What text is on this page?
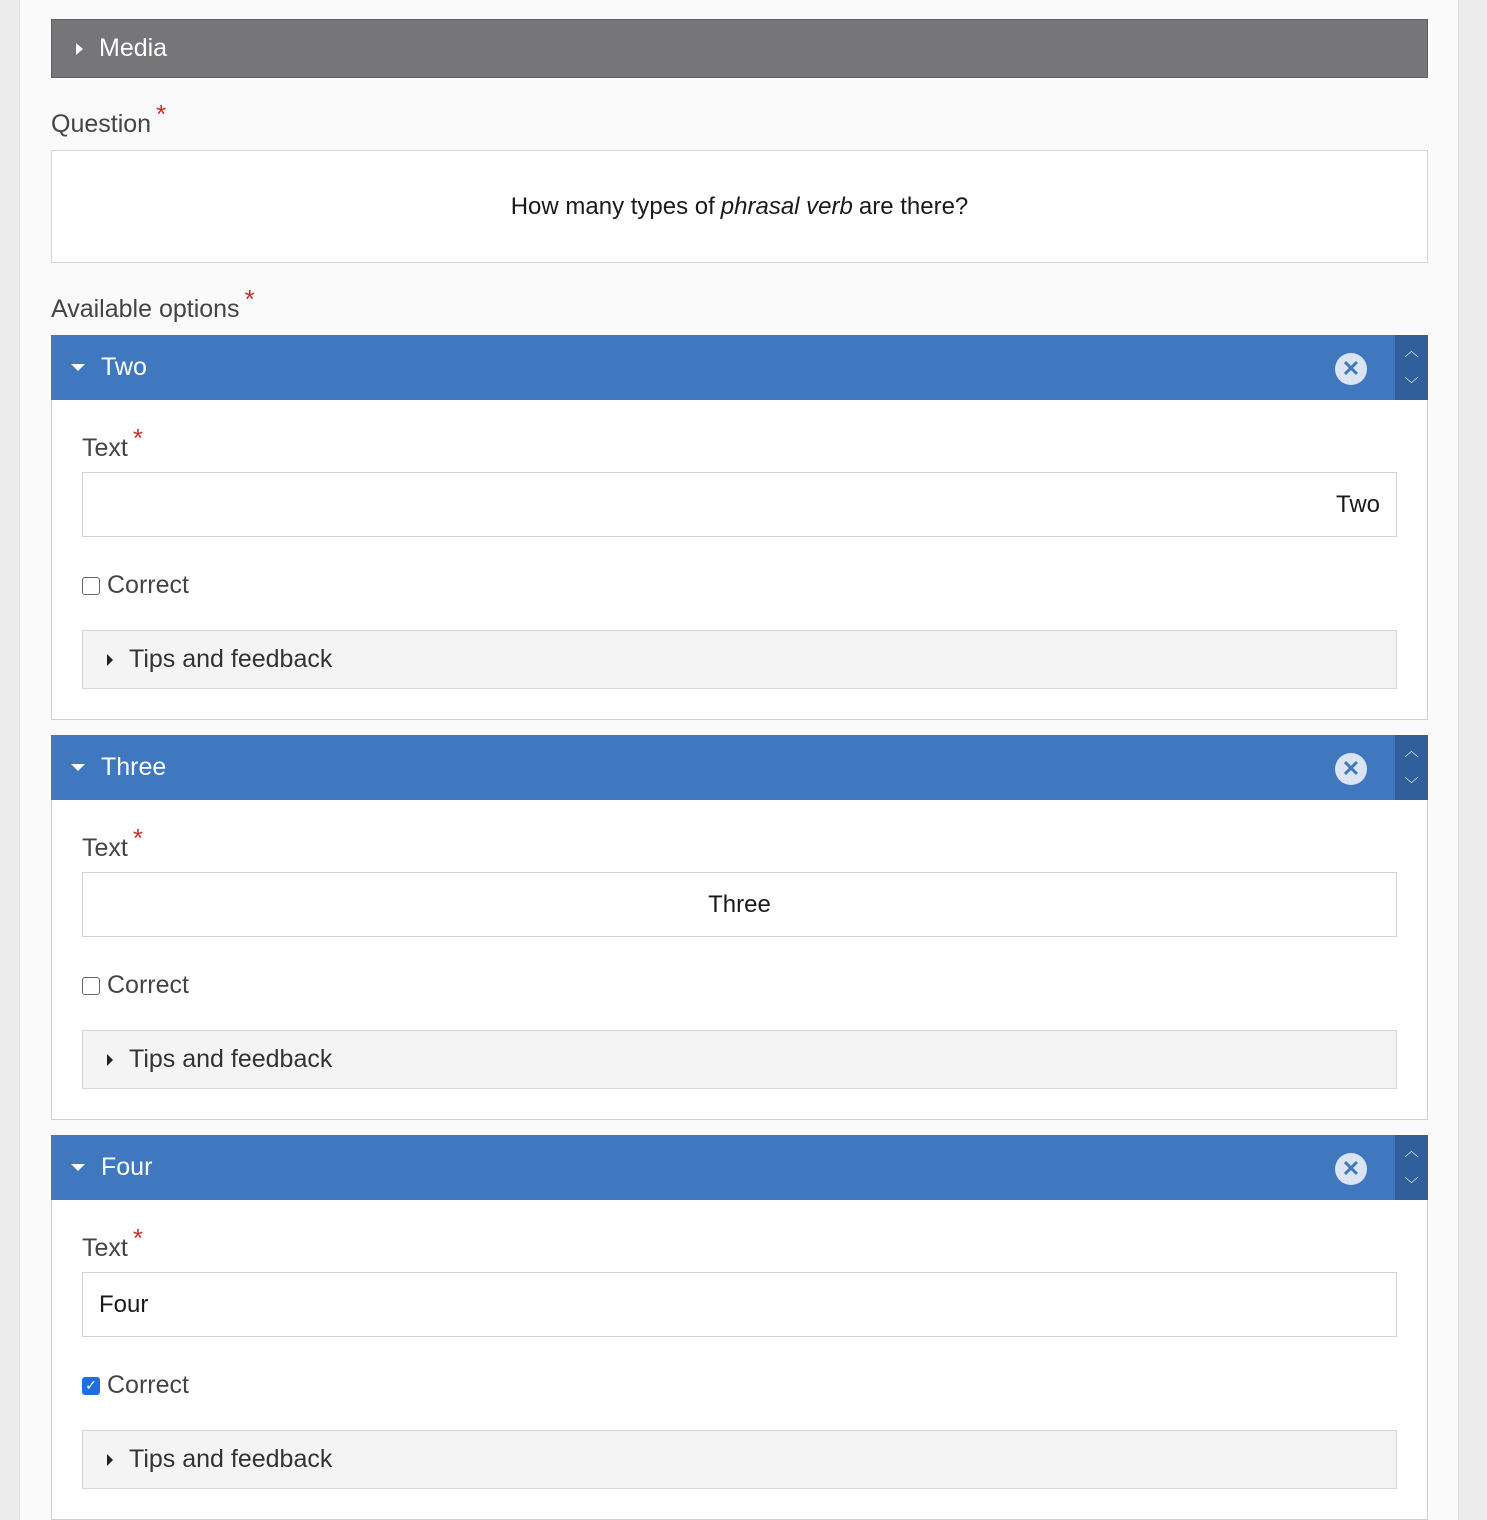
Media
Question *
How many types of phrasal verb are there?
Available options *
Two	✕
︿
﹀
Text *
Two
Correct
Tips and feedback
Three	✕
︿
﹀
Text *
Three
Correct
Tips and feedback
Four	✕
︿
﹀
Text *
Four
✓ Correct
Tips and feedback
